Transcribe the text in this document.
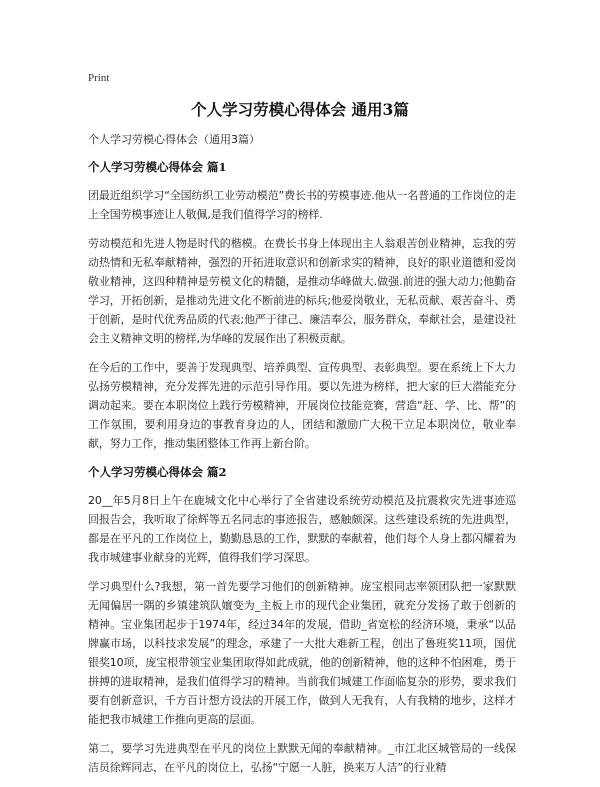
Print
个人学习劳模心得体会 通用3篇
个人学习劳模心得体会（通用3篇）
个人学习劳模心得体会 篇1

团最近组织学习“全国纺织工业劳动模范”费长书的劳模事迹.他从一名普通的工作岗位的走上全国劳模事迹让人敬佩,是我们值得学习的榜样.

劳动模范和先进人物是时代的楷模。在费长书身上体现出主人翁艰苦创业精神，忘我的劳动热情和无私奉献精神，强烈的开拓进取意识和创新求实的精神，良好的职业道德和爱岗敬业精神，这四种精神是劳模文化的精髓，是推动华峰做大.做强.前进的强大动力;他勤奋学习，开拓创新，是推动先进文化不断前进的标兵;他爱岗敬业，无私贡献、艰苦奋斗、勇于创新，是时代优秀品质的代表;他严于律己、廉洁奉公，服务群众，奉献社会，是建设社会主义精神文明的榜样,为华峰的发展作出了积极贡献。

在今后的工作中，要善于发现典型、培养典型、宣传典型、表彰典型。要在系统上下大力弘扬劳模精神，充分发挥先进的示范引导作用。要以先进为榜样，把大家的巨大潜能充分调动起来。要在本职岗位上践行劳模精神，开展岗位技能竞赛，营造“赶、学、比、帮”的工作氛围，要利用身边的事教育身边的人，团结和激励广大税干立足本职岗位，敬业奉献，努力工作，推动集团整体工作再上新台阶。

个人学习劳模心得体会 篇2

20__年5月8日上午在鹿城文化中心举行了全省建设系统劳动模范及抗震救灾先进事迹巡回报告会，我听取了徐辉等五名同志的事迹报告，感触颇深。这些建设系统的先进典型，都是在平凡的工作岗位上，勤勤恳恳的工作，默默的奉献着，他们每个人身上都闪耀着为我市城建事业献身的光辉，值得我们学习深思。

学习典型什么?我想，第一首先要学习他们的创新精神。庞宝根同志率领团队把一家默默无闻偏居一隅的乡镇建筑队嬗变为_主板上市的现代企业集团，就充分发扬了敢于创新的精神。宝业集团起步于1974年，经过34年的发展，借助_省宽松的经济环境，秉承“以品牌赢市场，以科技求发展”的理念，承建了一大批大难新工程，创出了鲁班奖11项，国优银奖10项，庞宝根带领宝业集团取得如此成就，他的创新精神，他的这种不怕困难，勇于拼搏的进取精神，是我们值得学习的精神。当前我们城建工作面临复杂的形势，要求我们要有创新意识，千方百计想方设法的开展工作，做到人无我有，人有我精的地步，这样才能把我市城建工作推向更高的层面。

第二，要学习先进典型在平凡的岗位上默默无闻的奉献精神。_市江北区城管局的一线保洁员徐辉同志，在平凡的岗位上，弘扬“宁愿一人脏，换来万人洁”的行业精
